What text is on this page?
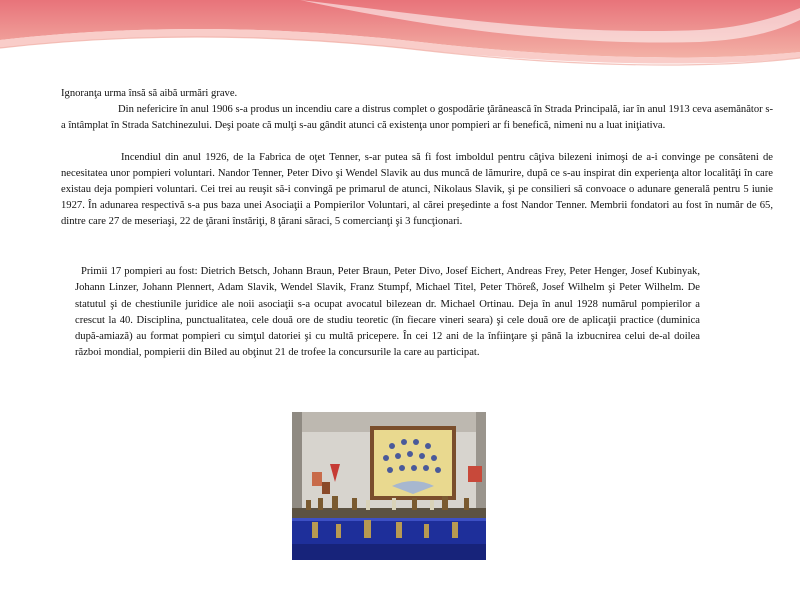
Ignoranţa urma însă să aibă urmări grave.

Din nefericire în anul 1906 s-a produs un incendiu care a distrus complet o gospodărie ţărănească în Strada Principală, iar în anul 1913 ceva asemănător s-a întâmplat în Strada Satchinezului. Deşi poate că mulţi s-au gândit atunci că existenţa unor pompieri ar fi benefică, nimeni nu a luat iniţiativa.

Incendiul din anul 1926, de la Fabrica de oţet Tenner, s-ar putea să fi fost imboldul pentru câţiva bilezeni inimoşi de a-i convinge pe consăteni de necesitatea unor pompieri voluntari. Nandor Tenner, Peter Divo şi Wendel Slavik au dus muncă de lămurire, după ce s-au inspirat din experienţa altor localităţi în care existau deja pompieri voluntari. Cei trei au reuşit să-i convingă pe primarul de atunci, Nikolaus Slavik, şi pe consilieri să convoace o adunare generală pentru 5 iunie 1927. În adunarea respectivă s-a pus baza unei Asociaţii a Pompierilor Voluntari, al cărei preşedinte a fost Nandor Tenner. Membrii fondatori au fost în număr de 65, dintre care 27 de meseriaşi, 22 de ţărani înstăriţi, 8 ţărani săraci, 5 comercianţi şi 3 funcţionari.

Primii 17 pompieri au fost: Dietrich Betsch, Johann Braun, Peter Braun, Peter Divo, Josef Eichert, Andreas Frey, Peter Henger, Josef Kubinyak, Johann Linzer, Johann Plennert, Adam Slavik, Wendel Slavik, Franz Stumpf, Michael Titel, Peter Thöreß, Josef Wilhelm şi Peter Wilhelm. De statutul şi de chestiunile juridice ale noii asociaţii s-a ocupat avocatul bilezean dr. Michael Ortinau. Deja în anul 1928 numărul pompierilor a crescut la 40. Disciplina, punctualitatea, cele două ore de studiu teoretic (în fiecare vineri seara) şi cele două ore de aplicaţii practice (duminica după-amiază) au format pompieri cu simţul datoriei şi cu multă pricepere. În cei 12 ani de la înfiinţare şi până la izbucnirea celui de-al doilea război mondial, pompierii din Biled au obţinut 21 de trofee la concursurile la care au participat.
